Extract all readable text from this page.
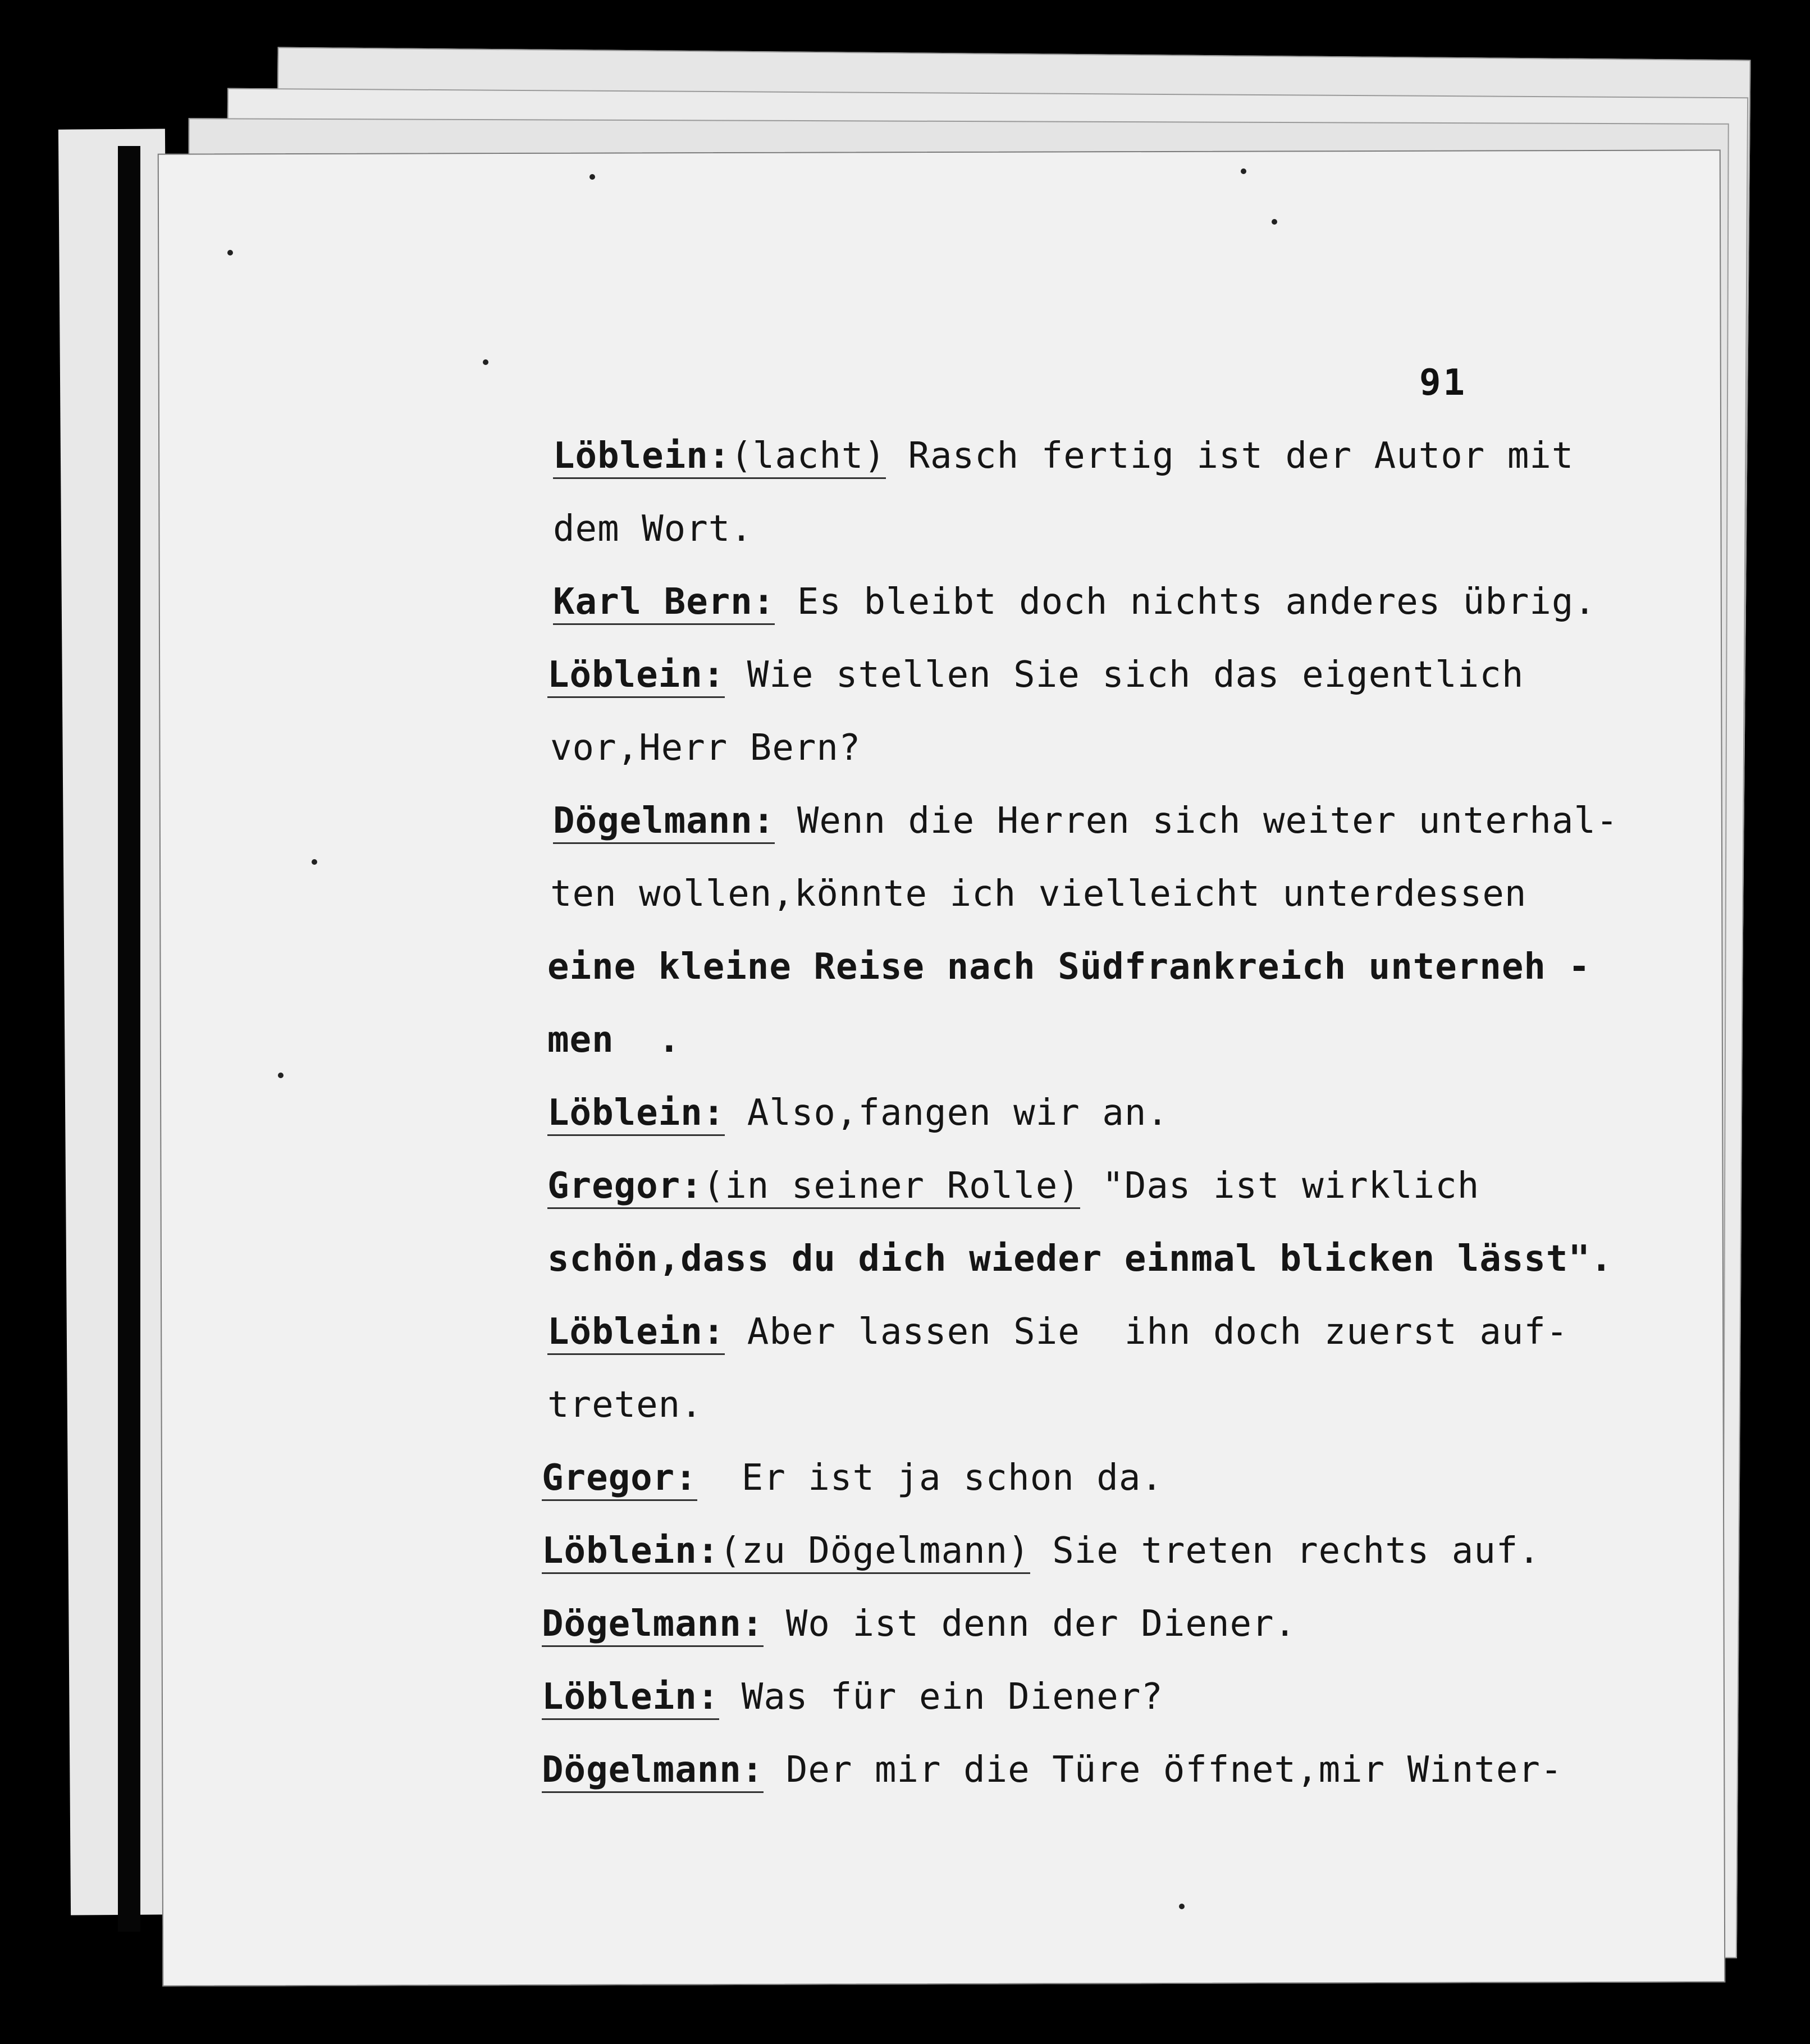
91
Löblein:(lacht) Rasch fertig ist der Autor mit
dem Wort.
Karl Bern: Es bleibt doch nichts anderes übrig.
Löblein: Wie stellen Sie sich das eigentlich
vor,Herr Bern?
Dögelmann: Wenn die Herren sich weiter unterhal-
ten wollen,könnte ich vielleicht unterdessen
eine kleine Reise nach Südfrankreich unterneh -
men  .
Löblein: Also,fangen wir an.
Gregor:(in seiner Rolle) "Das ist wirklich
schön,dass du dich wieder einmal blicken lässt".
Löblein: Aber lassen Sie  ihn doch zuerst auf-
treten.
Gregor:  Er ist ja schon da.
Löblein:(zu Dögelmann) Sie treten rechts auf.
Dögelmann: Wo ist denn der Diener.
Löblein: Was für ein Diener?
Dögelmann: Der mir die Türe öffnet,mir Winter-
